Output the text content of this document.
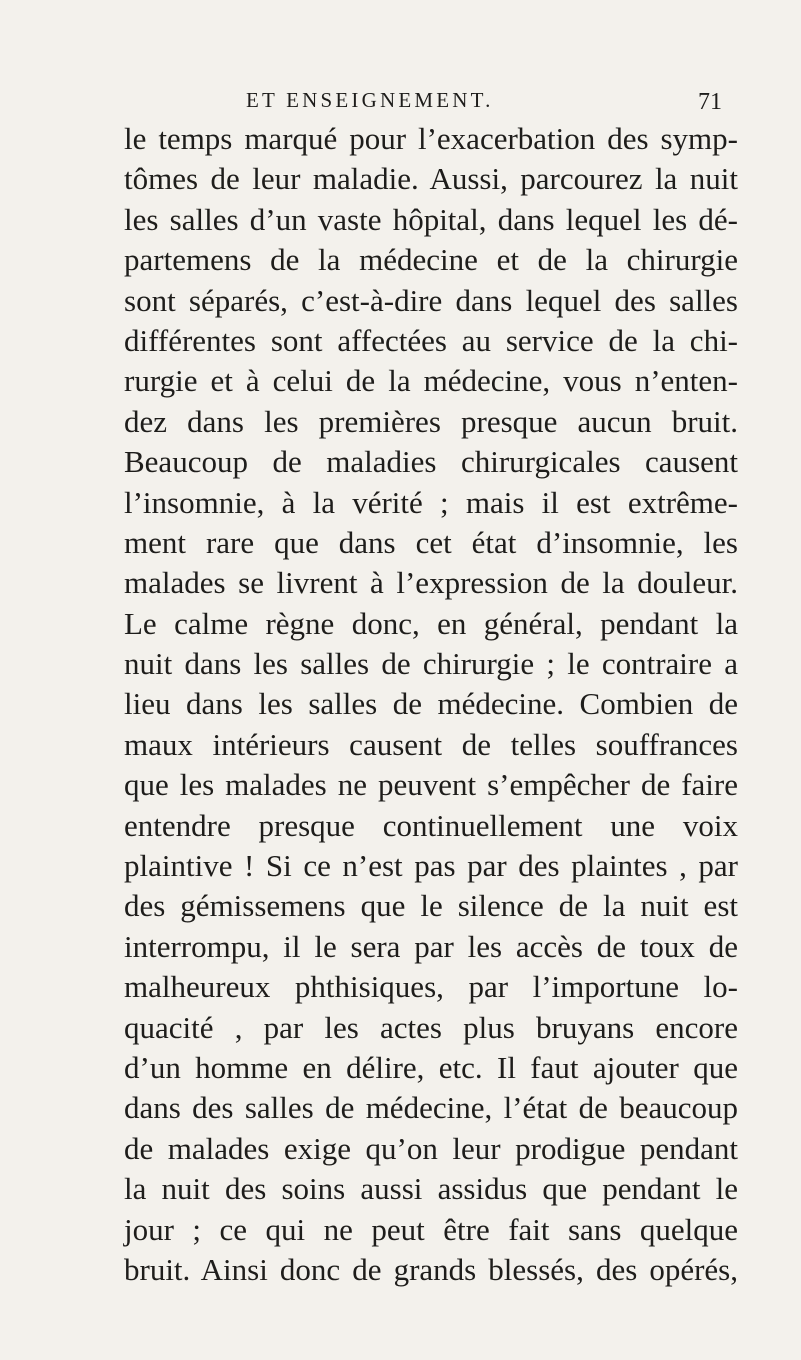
ET ENSEIGNEMENT.	71
le temps marqué pour l’exacerbation des symp-
tômes de leur maladie. Aussi, parcourez la nuit
les salles d’un vaste hôpital, dans lequel les dé-
partemens de la médecine et de la chirurgie
sont séparés, c’est-à-dire dans lequel des salles
différentes sont affectées au service de la chi-
rurgie et à celui de la médecine, vous n’enten-
dez dans les premières presque aucun bruit.
Beaucoup de maladies chirurgicales causent
l’insomnie, à la vérité ; mais il est extrême-
ment rare que dans cet état d’insomnie, les
malades se livrent à l’expression de la douleur.
Le calme règne donc, en général, pendant la
nuit dans les salles de chirurgie ; le contraire a
lieu dans les salles de médecine. Combien de
maux intérieurs causent de telles souffrances
que les malades ne peuvent s’empêcher de faire
entendre presque continuellement une voix
plaintive ! Si ce n’est pas par des plaintes , par
des gémissemens que le silence de la nuit est
interrompu, il le sera par les accès de toux de
malheureux phthisiques, par l’importune lo-
quacité , par les actes plus bruyans encore
d’un homme en délire, etc. Il faut ajouter que
dans des salles de médecine, l’état de beaucoup
de malades exige qu’on leur prodigue pendant
la nuit des soins aussi assidus que pendant le
jour ; ce qui ne peut être fait sans quelque
bruit. Ainsi donc de grands blessés, des opérés,
